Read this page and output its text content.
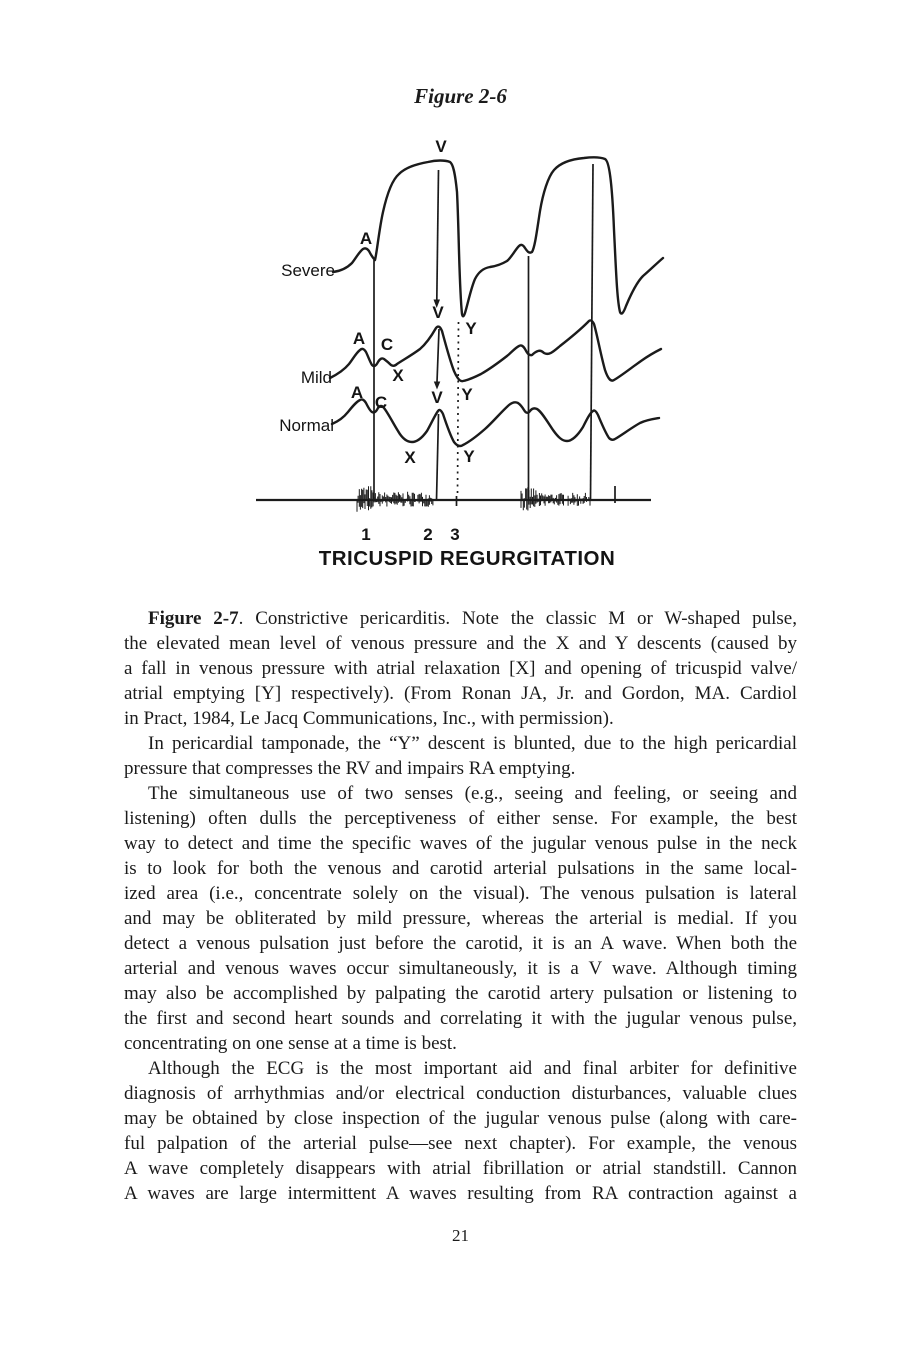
Figure 2-6
Severe
Mild
Normal
A
V
Y
A C
X
V
Y
A
C
X
V
Y
1	2 3
TRICUSPID REGURGITATION
Figure 2-7. Constrictive pericarditis. Note the classic M or W-shaped pulse,
the elevated mean level of venous pressure and the X and Y descents (caused by
a fall in venous pressure with atrial relaxation [X] and opening of tricuspid valve/
atrial emptying [Y] respectively). (From Ronan JA, Jr. and Gordon, MA. Cardiol
in Pract, 1984, Le Jacq Communications, Inc., with permission).
In pericardial tamponade, the “Y” descent is blunted, due to the high pericardial
pressure that compresses the RV and impairs RA emptying.
The simultaneous use of two senses (e.g., seeing and feeling, or seeing and
listening) often dulls the perceptiveness of either sense. For example, the best
way to detect and time the specific waves of the jugular venous pulse in the neck
is to look for both the venous and carotid arterial pulsations in the same local-
ized area (i.e., concentrate solely on the visual). The venous pulsation is lateral
and may be obliterated by mild pressure, whereas the arterial is medial. If you
detect a venous pulsation just before the carotid, it is an A wave. When both the
arterial and venous waves occur simultaneously, it is a V wave. Although timing
may also be accomplished by palpating the carotid artery pulsation or listening to
the first and second heart sounds and correlating it with the jugular venous pulse,
concentrating on one sense at a time is best.
Although the ECG is the most important aid and final arbiter for definitive
diagnosis of arrhythmias and/or electrical conduction disturbances, valuable clues
may be obtained by close inspection of the jugular venous pulse (along with care-
ful palpation of the arterial pulse—see next chapter). For example, the venous
A wave completely disappears with atrial fibrillation or atrial standstill. Cannon
A waves are large intermittent A waves resulting from RA contraction against a
21
